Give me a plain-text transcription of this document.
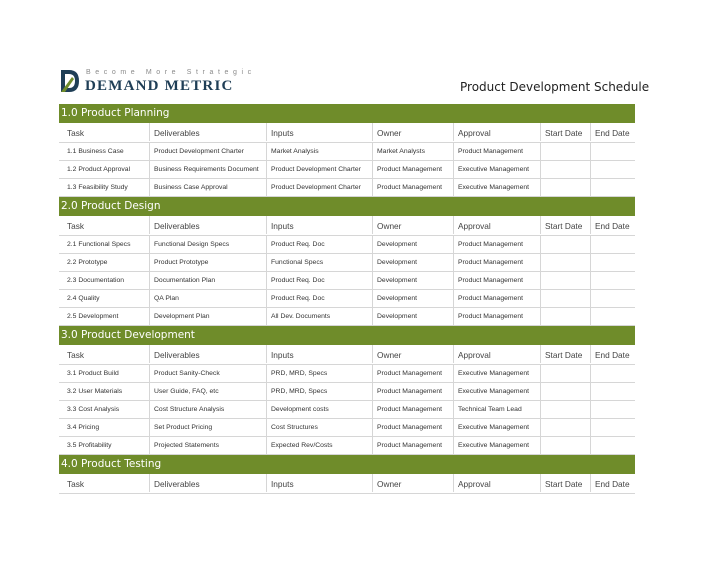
Become More Strategic
DEMAND METRIC	Product Development Schedule
1.0 Product Planning
Task	Deliverables	Inputs	Owner	Approval	Start Date	End Date
1.1 Business Case	Product Development Charter	Market Analysis	Market Analysts	Product Management
1.2 Product Approval	Business Requirements Document	Product Development Charter	Product Management	Executive Management
1.3 Feasibility Study	Business Case Approval	Product Development Charter	Product Management	Executive Management
2.0 Product Design
Task	Deliverables	Inputs	Owner	Approval	Start Date	End Date
2.1 Functional Specs	Functional Design Specs	Product Req. Doc	Development	Product Management
2.2 Prototype	Product Prototype	Functional Specs	Development	Product Management
2.3 Documentation	Documentation Plan	Product Req. Doc	Development	Product Management
2.4 Quality	QA Plan	Product Req. Doc	Development	Product Management
2.5 Development	Development Plan	All Dev. Documents	Development	Product Management
3.0 Product Development
Task	Deliverables	Inputs	Owner	Approval	Start Date	End Date
3.1 Product Build	Product Sanity-Check	PRD, MRD, Specs	Product Management	Executive Management
3.2 User Materials	User Guide, FAQ, etc	PRD, MRD, Specs	Product Management	Executive Management
3.3 Cost Analysis	Cost Structure Analysis	Development costs	Product Management	Technical Team Lead
3.4 Pricing	Set Product Pricing	Cost Structures	Product Management	Executive Management
3.5 Profitability	Projected Statements	Expected Rev/Costs	Product Management	Executive Management
4.0 Product Testing
Task	Deliverables	Inputs	Owner	Approval	Start Date	End Date
